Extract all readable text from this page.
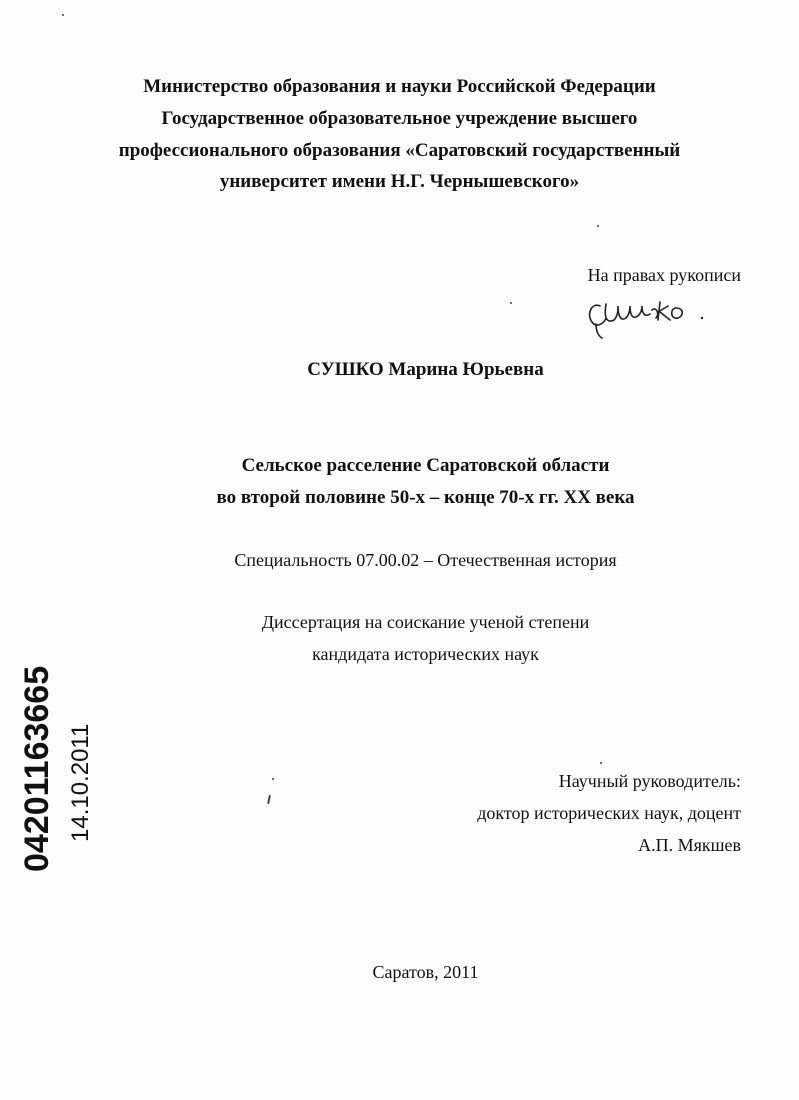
Министерство образования и науки Российской Федерации
Государственное образовательное учреждение высшего
профессионального образования «Саратовский государственный
университет имени Н.Г. Чернышевского»
На правах рукописи
СУШКО Марина Юрьевна
Сельское расселение Саратовской области
во второй половине 50-х – конце 70-х гг. XX века
Специальность 07.00.02 – Отечественная история
Диссертация на соискание ученой степени
кандидата исторических наук
Научный руководитель:
доктор исторических наук, доцент
А.П. Мякшев
Саратов, 2011
04201163665 14.10.2011
